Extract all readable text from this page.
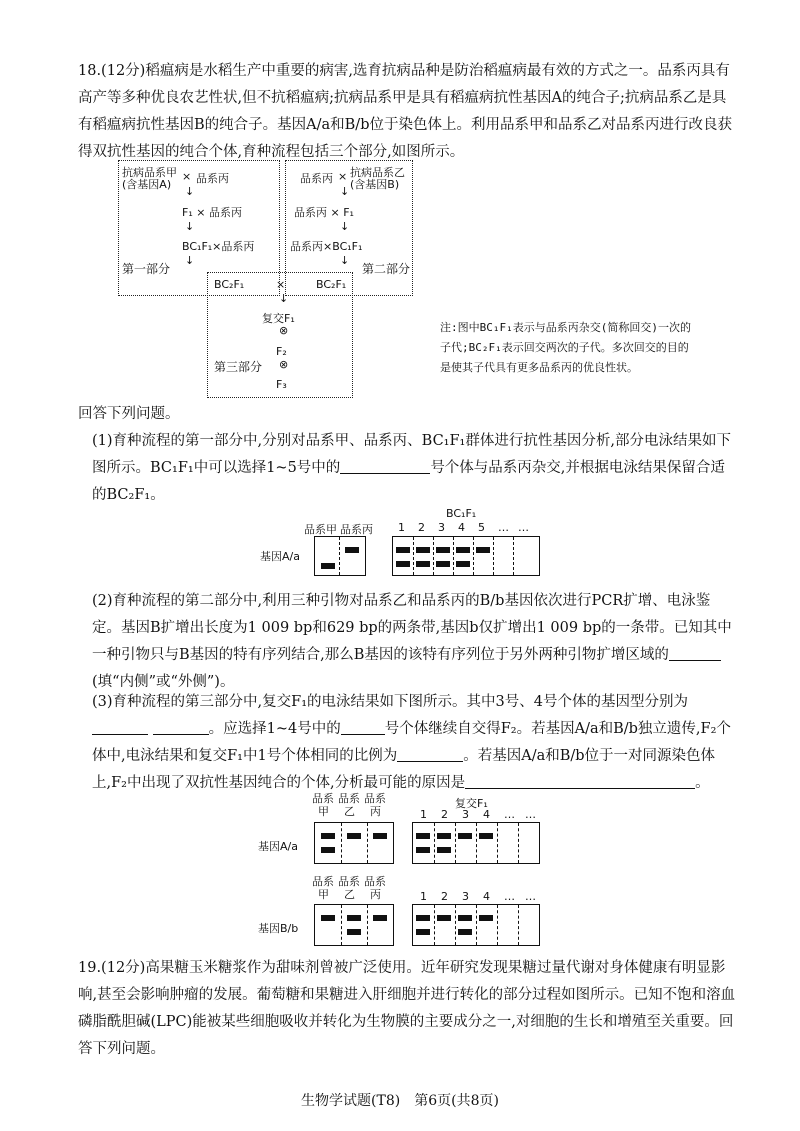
18.(12分)稻瘟病是水稻生产中重要的病害,选育抗病品种是防治稻瘟病最有效的方式之一。品系丙具有高产等多种优良农艺性状,但不抗稻瘟病;抗病品系甲是具有稻瘟病抗性基因A的纯合子;抗病品系乙是具有稻瘟病抗性基因B的纯合子。基因A/a和B/b位于染色体上。利用品系甲和品系乙对品系丙进行改良获得双抗性基因的纯合个体,育种流程包括三个部分,如图所示。
抗病品系甲
(含基因A)
× 品系丙
↓
F₁ × 品系丙
↓
BC₁F₁×品系丙
↓
第一部分
品系丙 × 抗病品系乙
(含基因B)
↓
品系丙 × F₁
↓
品系丙×BC₁F₁
↓
第二部分
BC₂F₁	×	BC₂F₁
↓
复交F₁
⊗
F₂
⊗
F₃
第三部分
注:图中BC₁F₁表示与品系丙杂交(简称回交)一次的子代;BC₂F₁表示回交两次的子代。多次回交的目的是使其子代具有更多品系丙的优良性状。
回答下列问题。
(1)育种流程的第一部分中,分别对品系甲、品系丙、BC₁F₁群体进行抗性基因分析,部分电泳结果如下图所示。BC₁F₁中可以选择1~5号中的	号个体与品系丙杂交,并根据电泳结果保留合适的BC₂F₁。
BC₁F₁
品系甲 品系丙 1 2 3 4 5 … …
基因A/a
(2)育种流程的第二部分中,利用三种引物对品系乙和品系丙的B/b基因依次进行PCR扩增、电泳鉴定。基因B扩增出长度为1 009 bp和629 bp的两条带,基因b仅扩增出1 009 bp的一条带。已知其中一种引物只与B基因的特有序列结合,那么B基因的该特有序列位于另外两种引物扩增区域的(填“内侧”或“外侧”)。
(3)育种流程的第三部分中,复交F₁的电泳结果如下图所示。其中3号、4号个体的基因型分别为 。应选择1~4号中的	号个体继续自交得F₂。若基因A/a和B/b独立遗传,F₂个体中,电泳结果和复交F₁中1号个体相同的比例为	。若基因A/a和B/b位于一对同源染色体上,F₂中出现了双抗性基因纯合的个体,分析最可能的原因是	。
品系
甲
品系
乙
品系
丙
复交F₁
1 2 3 4 … …
基因A/a
品系
甲
品系
乙
品系
丙	1 2 3 4 … …
基因B/b
19.(12分)高果糖玉米糖浆作为甜味剂曾被广泛使用。近年研究发现果糖过量代谢对身体健康有明显影响,甚至会影响肿瘤的发展。葡萄糖和果糖进入肝细胞并进行转化的部分过程如图所示。已知不饱和溶血磷脂酰胆碱(LPC)能被某些细胞吸收并转化为生物膜的主要成分之一,对细胞的生长和增殖至关重要。回答下列问题。
生物学试题(T8)　第6页(共8页)
